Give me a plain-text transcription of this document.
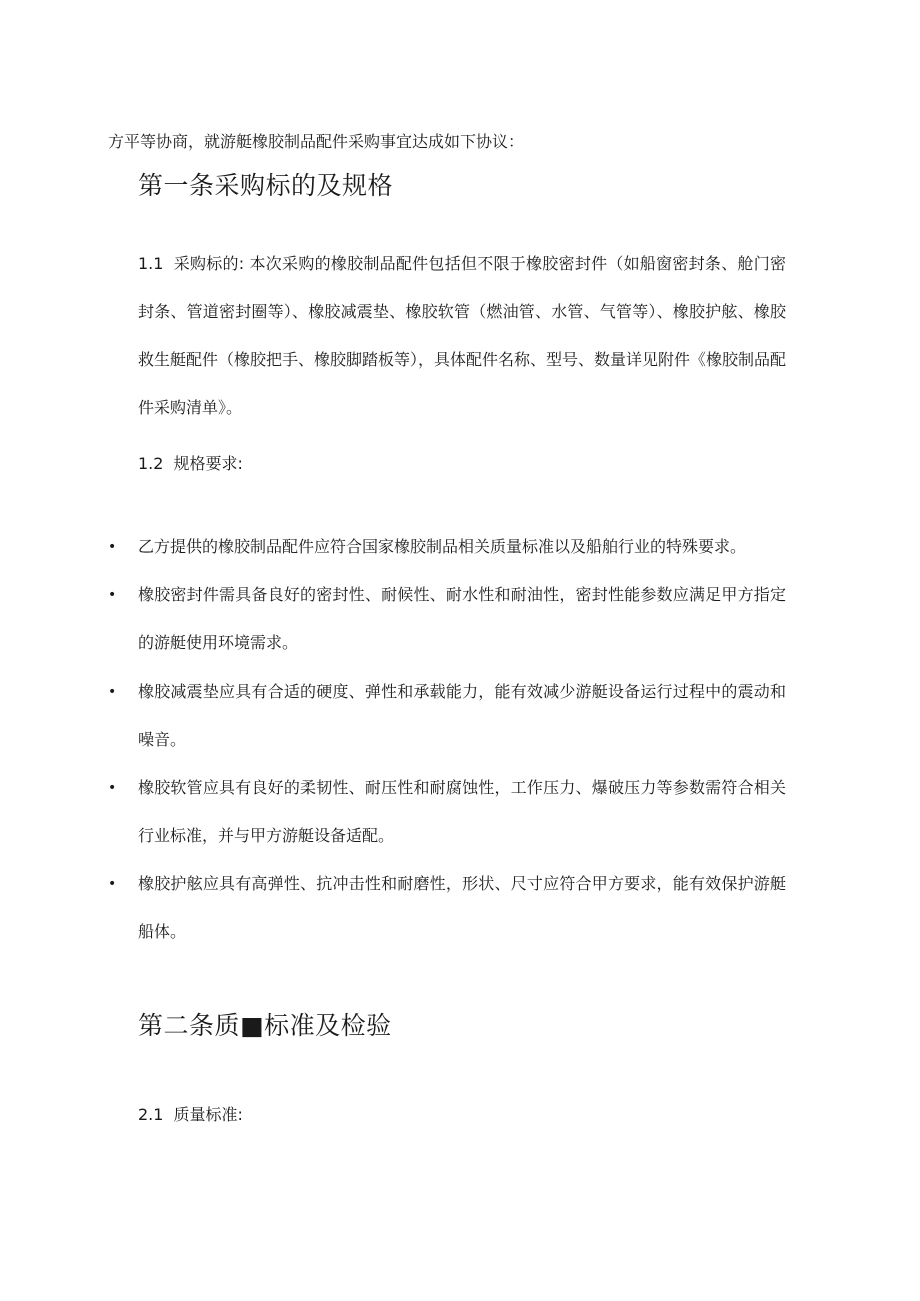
方平等协商，就游艇橡胶制品配件采购事宜达成如下协议：
第一条采购标的及规格
1.1 采购标的: 本次采购的橡胶制品配件包括但不限于橡胶密封件（如船窗密封条、舱门密封条、管道密封圈等）、橡胶减震垫、橡胶软管（燃油管、水管、气管等）、橡胶护舷、橡胶救生艇配件（橡胶把手、橡胶脚踏板等），具体配件名称、型号、数量详见附件《橡胶制品配件采购清单》。
1.2 规格要求:
•	乙方提供的橡胶制品配件应符合国家橡胶制品相关质量标准以及船舶行业的特殊要求。
•	橡胶密封件需具备良好的密封性、耐候性、耐水性和耐油性，密封性能参数应满足甲方指定的游艇使用环境需求。
•	橡胶减震垫应具有合适的硬度、弹性和承载能力，能有效减少游艇设备运行过程中的震动和噪音。
•	橡胶软管应具有良好的柔韧性、耐压性和耐腐蚀性，工作压力、爆破压力等参数需符合相关行业标准，并与甲方游艇设备适配。
•	橡胶护舷应具有高弹性、抗冲击性和耐磨性，形状、尺寸应符合甲方要求，能有效保护游艇船体。
第二条质■标准及检验
2.1 质量标准:
